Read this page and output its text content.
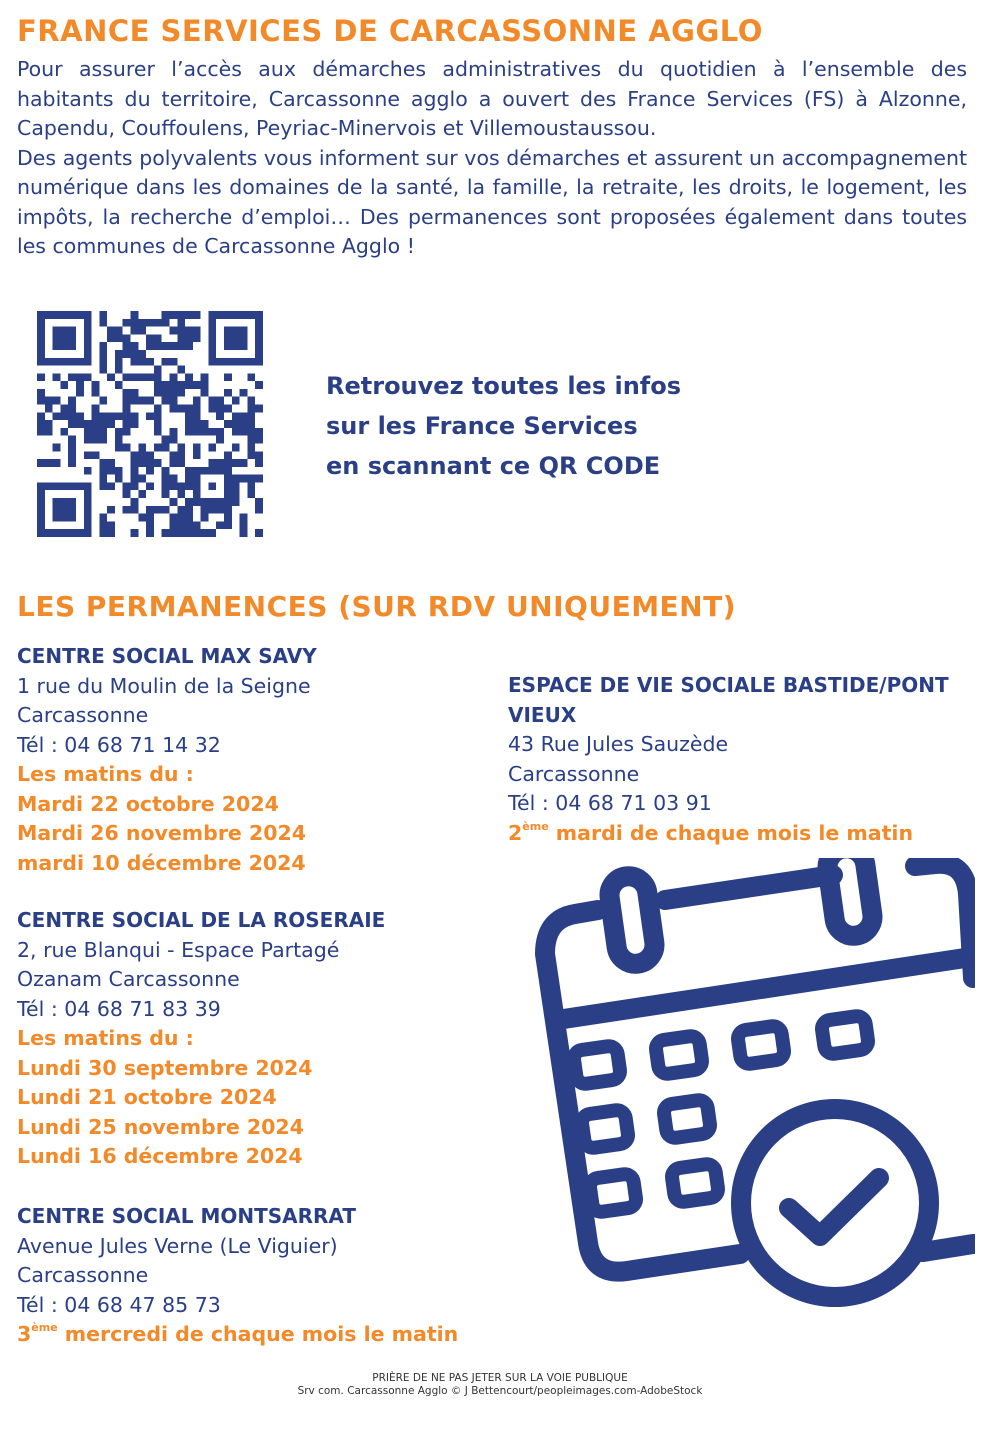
FRANCE SERVICES DE CARCASSONNE AGGLO

Pour assurer l’accès aux démarches administratives du quotidien à l’ensemble des habitants du territoire, Carcassonne agglo a ouvert des France Services (FS) à Alzonne, Capendu, Couffoulens, Peyriac-Minervois et Villemoustaussou.

Des agents polyvalents vous informent sur vos démarches et assurent un accompagnement numérique dans les domaines de la santé, la famille, la retraite, les droits, le logement, les impôts, la recherche d’emploi… Des permanences sont proposées également dans toutes les communes de Carcassonne Agglo !

Retrouvez toutes les infos
sur les France Services
en scannant ce QR CODE
LES PERMANENCES (SUR RDV UNIQUEMENT)
CENTRE SOCIAL MAX SAVY
1 rue du Moulin de la Seigne
Carcassonne
Tél : 04 68 71 14 32
Les matins du :
Mardi 22 octobre 2024
Mardi 26 novembre 2024
mardi 10 décembre 2024
CENTRE SOCIAL DE LA ROSERAIE
2, rue Blanqui - Espace Partagé
Ozanam Carcassonne
Tél : 04 68 71 83 39
Les matins du :
Lundi 30 septembre 2024
Lundi 21 octobre 2024
Lundi 25 novembre 2024
Lundi 16 décembre 2024
CENTRE SOCIAL MONTSARRAT
Avenue Jules Verne (Le Viguier)
Carcassonne
Tél : 04 68 47 85 73
3ème mercredi de chaque mois le matin
ESPACE DE VIE SOCIALE BASTIDE/PONT VIEUX
43 Rue Jules Sauzède
Carcassonne
Tél : 04 68 71 03 91
2ème mardi de chaque mois le matin
PRIÈRE DE NE PAS JETER SUR LA VOIE PUBLIQUE
Srv com. Carcassonne Agglo © J Bettencourt/peopleimages.com-AdobeStock
